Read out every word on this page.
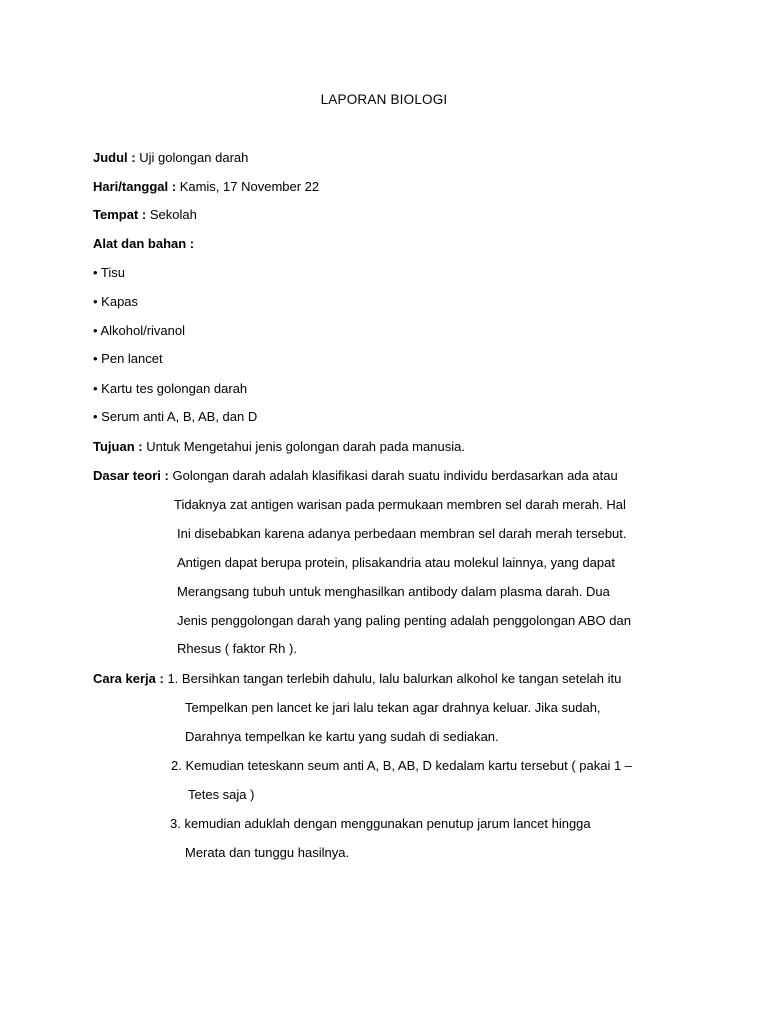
LAPORAN BIOLOGI
Judul : Uji golongan darah
Hari/tanggal : Kamis, 17 November 22
Tempat : Sekolah
Alat dan bahan :
• Tisu
• Kapas
• Alkohol/rivanol
• Pen lancet
• Kartu tes golongan darah
• Serum anti A, B, AB, dan D
Tujuan : Untuk Mengetahui jenis golongan darah pada manusia.
Dasar teori : Golongan darah adalah klasifikasi darah suatu individu berdasarkan ada atau
Tidaknya zat antigen warisan pada permukaan membren sel darah merah. Hal
Ini disebabkan karena adanya perbedaan membran sel darah merah tersebut.
Antigen dapat berupa protein, plisakandria atau molekul lainnya, yang dapat
Merangsang tubuh untuk menghasilkan antibody dalam plasma darah. Dua
Jenis penggolongan darah yang paling penting adalah penggolongan ABO dan
Rhesus ( faktor Rh ).
Cara kerja : 1. Bersihkan tangan terlebih dahulu, lalu balurkan alkohol ke tangan setelah itu
Tempelkan pen lancet ke jari lalu tekan agar drahnya keluar. Jika sudah,
Darahnya tempelkan ke kartu yang sudah di sediakan.
2. Kemudian teteskann seum anti A, B, AB, D kedalam kartu tersebut ( pakai 1 –
Tetes saja )
3. kemudian aduklah dengan menggunakan penutup jarum lancet hingga
Merata dan tunggu hasilnya.
